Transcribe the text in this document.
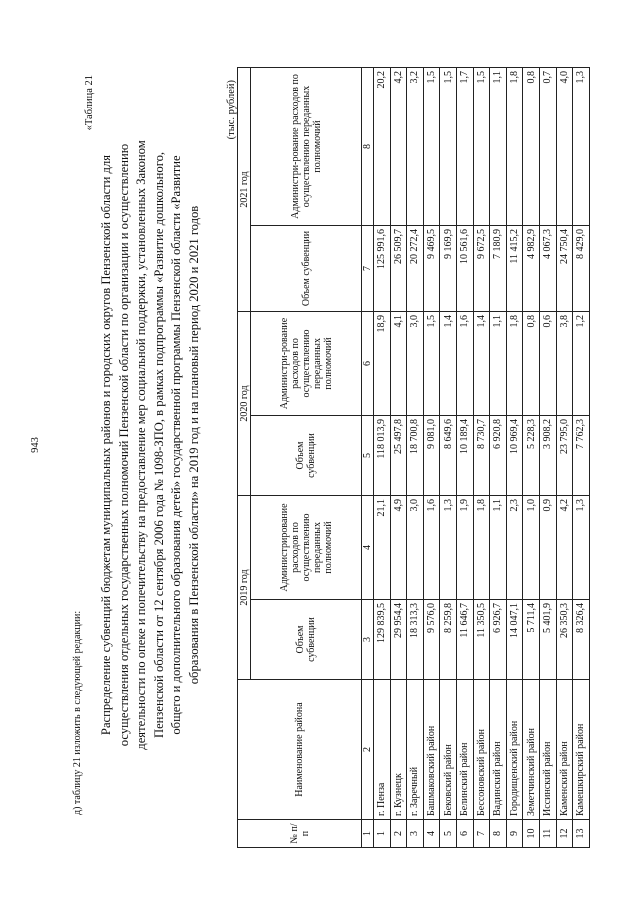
943
д) таблицу 21 изложить в следующей редакции:
«Таблица 21
Распределение субвенций бюджетам муниципальных районов и городских округов Пензенской области для осуществления отдельных государственных полномочий Пензенской области по организации и осуществлению деятельности по опеке и попечительству на предоставление мер социальной поддержки, установленных Законом Пензенской области от 12 сентября 2006 года № 1098-ЗПО, в рамках подпрограммы «Развитие дошкольного, общего и дополнительного образования детей» государственной программы Пензенской области «Развитие образования в Пензенской области» на 2019 год и на плановый период 2020 и 2021 годов
(тыс. рублей)
№ п/п	Наименование района	2019 год		2020 год		2021 год	
		Объем субвенции	Администрирование расходов по осуществлению переданных полномочий	Объем субвенции	Администри-рование расходов по осуществлению переданных полномочий	Объем субвенции	Администри-рование расходов по осуществлению переданных полномочий
1	2	3	4	5	6	7	8
1	г. Пенза	129 839,5	21,1	118 013,9	18,9	125 991,6	20,2
2	г. Кузнецк	29 954,4	4,9	25 497,8	4,1	26 509,7	4,2
3	г. Заречный	18 313,3	3,0	18 700,8	3,0	20 272,4	3,2
4	Башмаковский район	9 576,0	1,6	9 081,0	1,5	9 469,5	1,5
5	Бековский район	8 259,8	1,3	8 649,6	1,4	9 169,9	1,5
6	Белинский район	11 646,7	1,9	10 189,4	1,6	10 561,6	1,7
7	Бессоновский район	11 350,5	1,8	8 730,7	1,4	9 672,5	1,5
8	Вадинский район	6 926,7	1,1	6 920,8	1,1	7 180,9	1,1
9	Городищенский район	14 047,1	2,3	10 969,4	1,8	11 415,2	1,8
10	Земетчинский район	5 711,4	1,0	5 228,3	0,8	4 982,9	0,8
11	Иссинский район	5 401,9	0,9	3 908,2	0,6	4 067,3	0,7
12	Каменский район	26 350,3	4,2	23 795,0	3,8	24 750,4	4,0
13	Камешкирский район	8 326,4	1,3	7 762,3	1,2	8 429,0	1,3
